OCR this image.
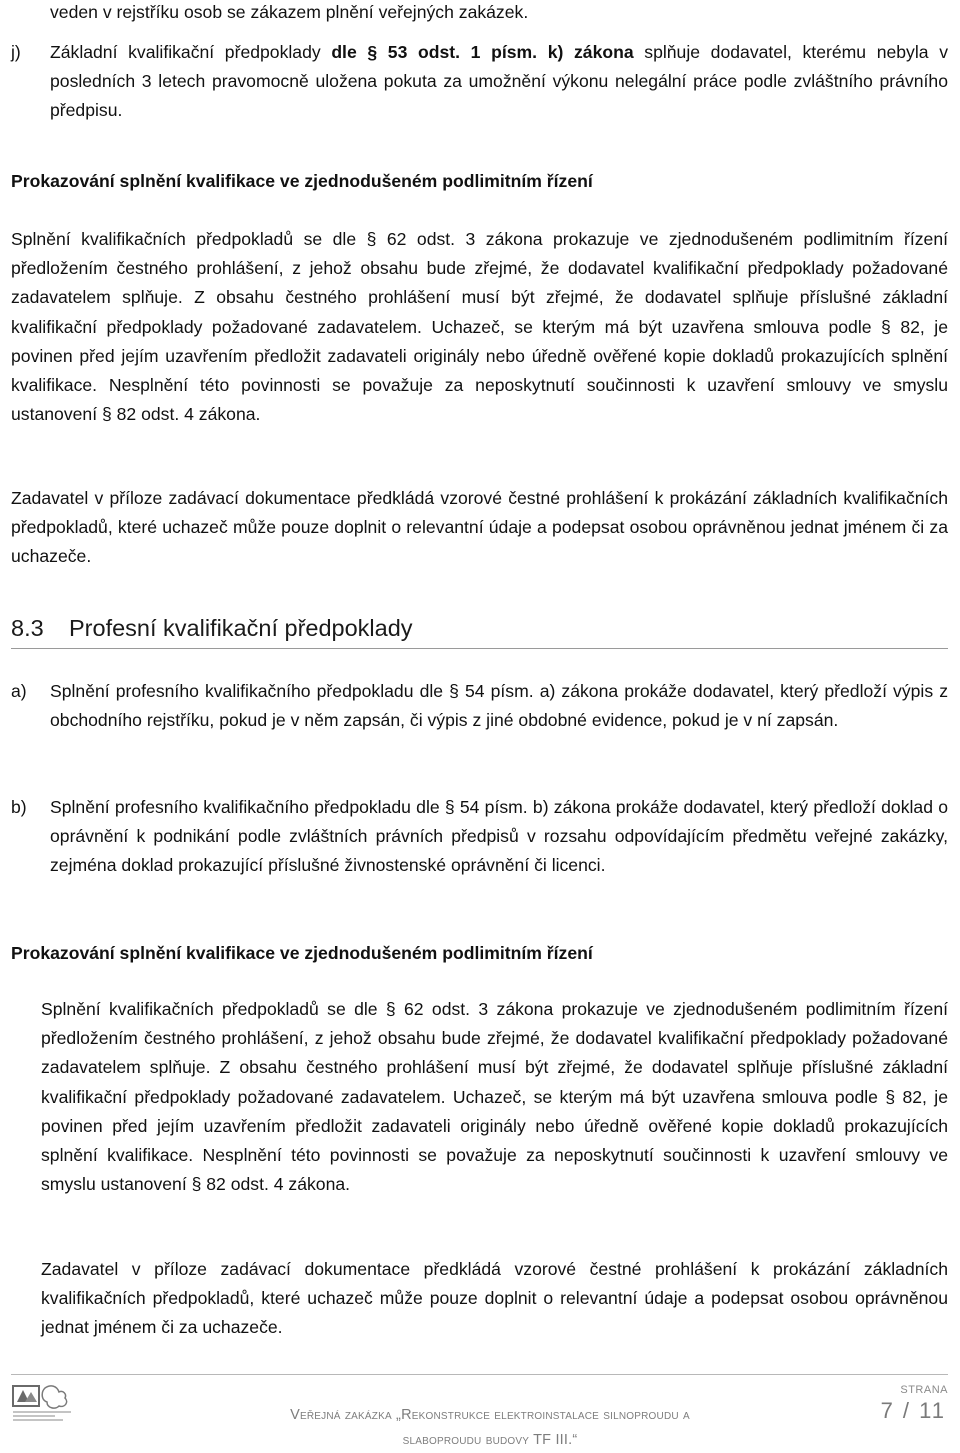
veden v rejstříku osob se zákazem plnění veřejných zakázek.

j) Základní kvalifikační předpoklady dle § 53 odst. 1 písm. k) zákona splňuje dodavatel, kterému nebyla v posledních 3 letech pravomocně uložena pokuta za umožnění výkonu nelegální práce podle zvláštního právního předpisu.

Prokazování splnění kvalifikace ve zjednodušeném podlimitním řízení

Splnění kvalifikačních předpokladů se dle § 62 odst. 3 zákona prokazuje ve zjednodušeném podlimitním řízení předložením čestného prohlášení, z jehož obsahu bude zřejmé, že dodavatel kvalifikační předpoklady požadované zadavatelem splňuje. Z obsahu čestného prohlášení musí být zřejmé, že dodavatel splňuje příslušné základní kvalifikační předpoklady požadované zadavatelem. Uchazeč, se kterým má být uzavřena smlouva podle § 82, je povinen před jejím uzavřením předložit zadavateli originály nebo úředně ověřené kopie dokladů prokazujících splnění kvalifikace. Nesplnění této povinnosti se považuje za neposkytnutí součinnosti k uzavření smlouvy ve smyslu ustanovení § 82 odst. 4 zákona.

Zadavatel v příloze zadávací dokumentace předkládá vzorové čestné prohlášení k prokázání základních kvalifikačních předpokladů, které uchazeč může pouze doplnit o relevantní údaje a podepsat osobou oprávněnou jednat jménem či za uchazeče.

8.3 Profesní kvalifikační předpoklady
a) Splnění profesního kvalifikačního předpokladu dle § 54 písm. a) zákona prokáže dodavatel, který předloží výpis z obchodního rejstříku, pokud je v něm zapsán, či výpis z jiné obdobné evidence, pokud je v ní zapsán.

b) Splnění profesního kvalifikačního předpokladu dle § 54 písm. b) zákona prokáže dodavatel, který předloží doklad o oprávnění k podnikání podle zvláštních právních předpisů v rozsahu odpovídajícím předmětu veřejné zakázky, zejména doklad prokazující příslušné živnostenské oprávnění či licenci.

Prokazování splnění kvalifikace ve zjednodušeném podlimitním řízení

Splnění kvalifikačních předpokladů se dle § 62 odst. 3 zákona prokazuje ve zjednodušeném podlimitním řízení předložením čestného prohlášení, z jehož obsahu bude zřejmé, že dodavatel kvalifikační předpoklady požadované zadavatelem splňuje. Z obsahu čestného prohlášení musí být zřejmé, že dodavatel splňuje příslušné základní kvalifikační předpoklady požadované zadavatelem. Uchazeč, se kterým má být uzavřena smlouva podle § 82, je povinen před jejím uzavřením předložit zadavateli originály nebo úředně ověřené kopie dokladů prokazujících splnění kvalifikace. Nesplnění této povinnosti se považuje za neposkytnutí součinnosti k uzavření smlouvy ve smyslu ustanovení § 82 odst. 4 zákona.

Zadavatel v příloze zadávací dokumentace předkládá vzorové čestné prohlášení k prokázání základních kvalifikačních předpokladů, které uchazeč může pouze doplnit o relevantní údaje a podepsat osobou oprávněnou jednat jménem či za uchazeče.

Veřejná zakázka „Rekonstrukce elektroinstalace silnoproudu a
slaboproudu budovy TF III.“
STRANA
7 / 11
